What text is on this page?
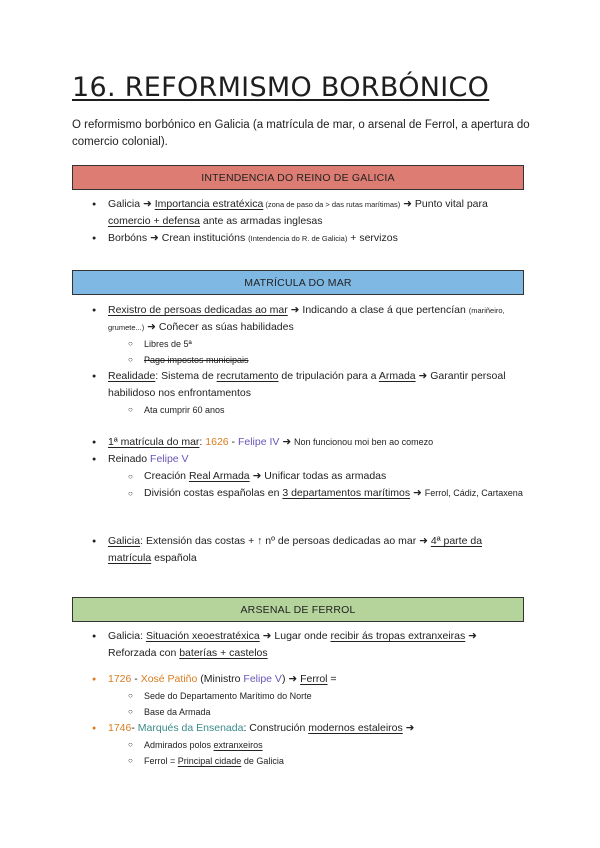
16. REFORMISMO BORBÓNICO

O reformismo borbónico en Galicia (a matrícula de mar, o arsenal de Ferrol, a apertura do comercio colonial).

INTENDENCIA DO REINO DE GALICIA
● Galicia ➜ Importancia estratéxica (zona de paso da > das rutas marítimas) ➜ Punto vital para comercio + defensa ante as armadas inglesas
● Borbóns ➜ Crean institucións (Intendencia do R. de Galicia) + servizos
MATRÍCULA DO MAR
● Rexistro de persoas dedicadas ao mar ➜ Indicando a clase á que pertencían (mariñeiro, grumete...) ➜ Coñecer as súas habilidades
○ Libres de 5ª
○ Pago impostos municipais
● Realidade: Sistema de recrutamento de tripulación para a Armada ➜ Garantir persoal habilidoso nos enfrontamentos
○ Ata cumprir 60 anos
● 1ª matrícula do mar: 1626 - Felipe IV ➜ Non funcionou moi ben ao comezo
● Reinado Felipe V
○ Creación Real Armada ➜ Unificar todas as armadas
○ División costas españolas en 3 departamentos marítimos ➜ Ferrol, Cádiz, Cartaxena
● Galicia: Extensión das costas + ↑ nº de persoas dedicadas ao mar ➜ 4ª parte da matrícula española
ARSENAL DE FERROL
● Galicia: Situación xeoestratéxica ➜ Lugar onde recibir ás tropas extranxeiras ➜ Reforzada con baterías + castelos
● 1726 - Xosé Patiño (Ministro Felipe V) ➜ Ferrol =
○ Sede do Departamento Marítimo do Norte
○ Base da Armada
● 1746- Marqués da Ensenada: Construción modernos estaleiros ➜
○ Admirados polos extranxeiros
○ Ferrol = Principal cidade de Galicia
